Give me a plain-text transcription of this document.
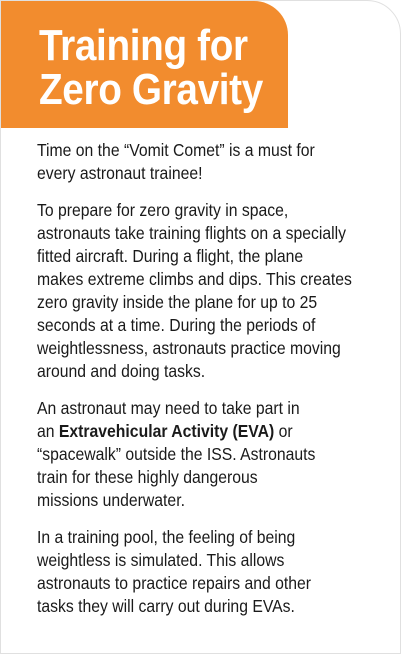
Training for
Zero Gravity

Time on the “Vomit Comet” is a must for
every astronaut trainee!

To prepare for zero gravity in space,
astronauts take training flights on a specially
fitted aircraft. During a flight, the plane
makes extreme climbs and dips. This creates
zero gravity inside the plane for up to 25
seconds at a time. During the periods of
weightlessness, astronauts practice moving
around and doing tasks.

An astronaut may need to take part in
an Extravehicular Activity (EVA) or
“spacewalk” outside the ISS. Astronauts
train for these highly dangerous
missions underwater.

In a training pool, the feeling of being
weightless is simulated. This allows
astronauts to practice repairs and other
tasks they will carry out during EVAs.
